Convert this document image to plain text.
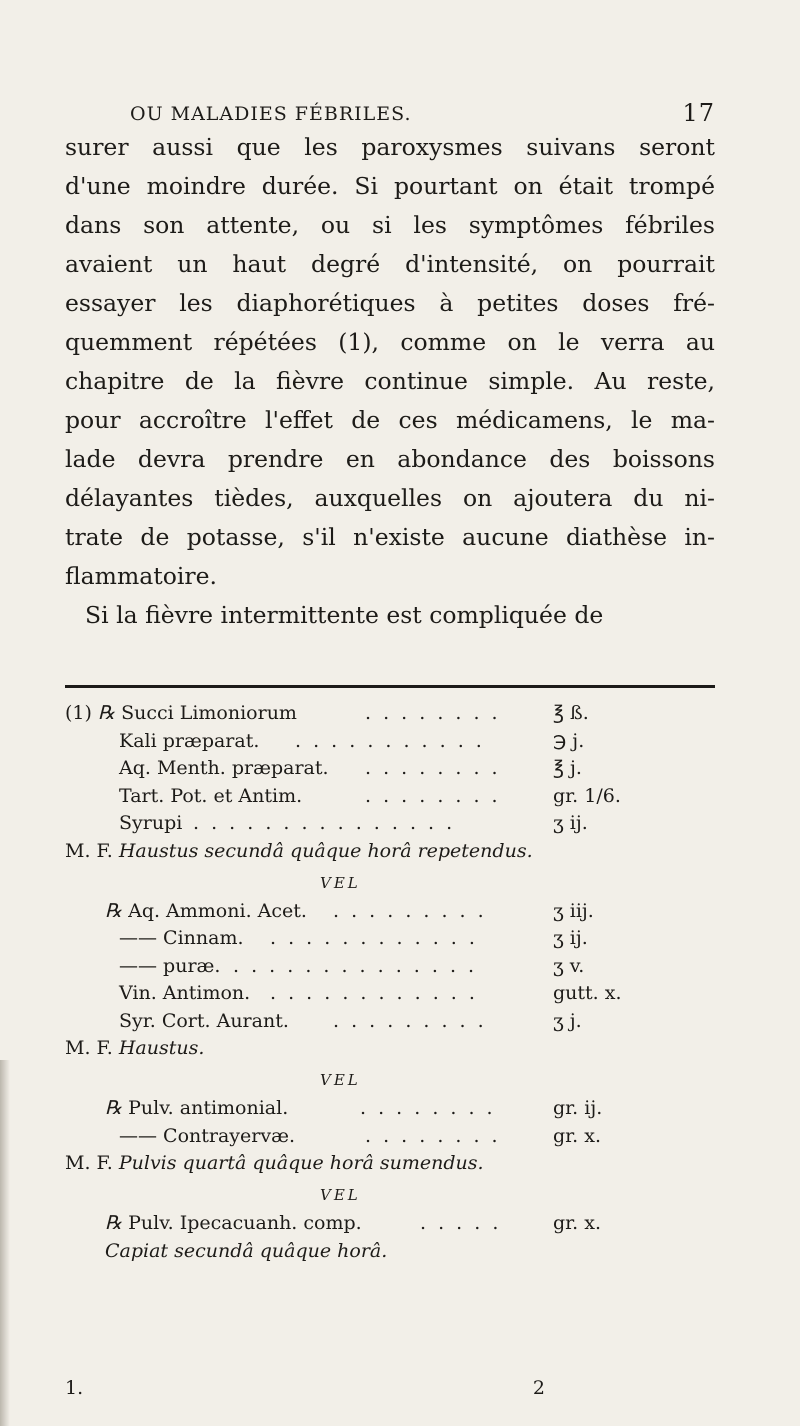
OU MALADIES FÉBRILES.	17
surer aussi que les paroxysmes suivans seront
d'une moindre durée. Si pourtant on était trompé
dans son attente, ou si les symptômes fébriles
avaient un haut degré d'intensité, on pourrait
essayer les diaphorétiques à petites doses fré-
quemment répétées (1), comme on le verra au
chapitre de la fièvre continue simple. Au reste,
pour accroître l'effet de ces médicamens, le ma-
lade devra prendre en abondance des boissons
délayantes tièdes, auxquelles on ajoutera du ni-
trate de potasse, s'il n'existe aucune diathèse in-
flammatoire.
Si la fièvre intermittente est compliquée de
(1) ℞ Succi Limoniorum	. . . . . . . .	℥ ß.
Kali præparat. . . . . . . . . . . .	℈ j.
Aq. Menth. præparat. . . . . . . . .	℥ j.
Tart. Pot. et Antim.	. . . . . . . .	gr. 1/6.
Syrupi . . . . . . . . . . . . . . .	ʒ ij.
M. F. Haustus secundâ quâque horâ repetendus.
VEL
℞ Aq. Ammoni. Acet. . . . . . . . . .	ʒ iij.
—— Cinnam. . . . . . . . . . . . .	ʒ ij.
—— puræ. . . . . . . . . . . . . . .	ʒ v.
Vin. Antimon. . . . . . . . . . . . .	gutt. x.
Syr. Cort. Aurant. . . . . . . . . .	ʒ j.
M. F. Haustus.
VEL
℞ Pulv. antimonial.	. . . . . . . .	gr. ij.
—— Contrayervæ.	. . . . . . . .	gr. x.
M. F. Pulvis quartâ quâque horâ sumendus.
VEL
℞ Pulv. Ipecacuanh. comp.	. . . . .	gr. x.
Capiat secundâ quâque horâ.
1.	2
